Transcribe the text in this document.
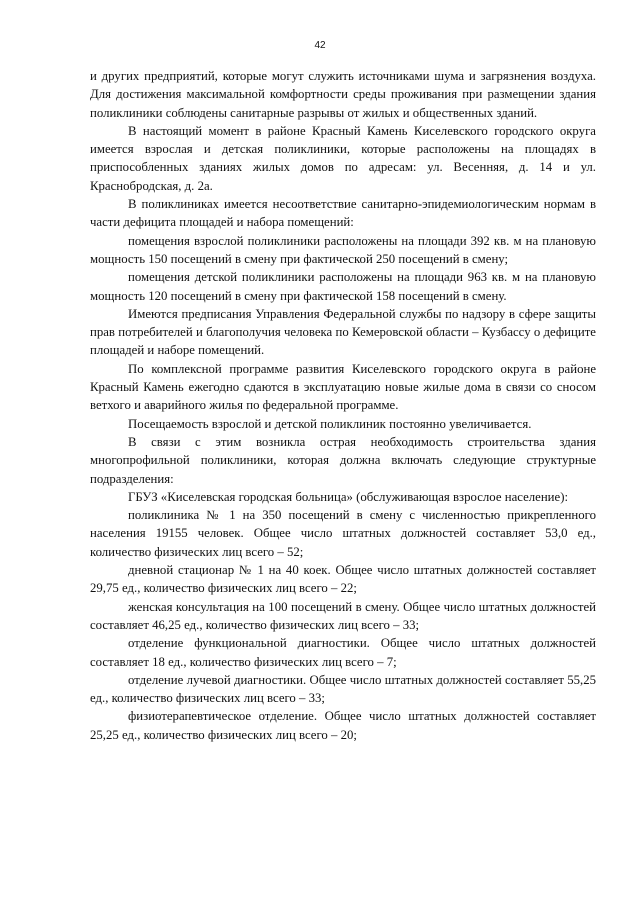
42

и других предприятий, которые могут служить источниками шума и загрязнения воздуха. Для достижения максимальной комфортности среды проживания при размещении здания поликлиники соблюдены санитарные разрывы от жилых и общественных зданий.

В настоящий момент в районе Красный Камень Киселевского городского округа имеется взрослая и детская поликлиники, которые расположены на площадях в приспособленных зданиях жилых домов по адресам: ул. Весенняя, д. 14 и ул. Краснобродская, д. 2а.

В поликлиниках имеется несоответствие санитарно-эпидемиологическим нормам в части дефицита площадей и набора помещений:

помещения взрослой поликлиники расположены на площади 392 кв. м на плановую мощность 150 посещений в смену при фактической 250 посещений в смену;

помещения детской поликлиники расположены на площади 963 кв. м на плановую мощность 120 посещений в смену при фактической 158 посещений в смену.

Имеются предписания Управления Федеральной службы по надзору в сфере защиты прав потребителей и благополучия человека по Кемеровской области – Кузбассу о дефиците площадей и наборе помещений.

По комплексной программе развития Киселевского городского округа в районе Красный Камень ежегодно сдаются в эксплуатацию новые жилые дома в связи со сносом ветхого и аварийного жилья по федеральной программе.

Посещаемость взрослой и детской поликлиник постоянно увеличивается.

В связи с этим возникла острая необходимость строительства здания многопрофильной поликлиники, которая должна включать следующие структурные подразделения:

ГБУЗ «Киселевская городская больница» (обслуживающая взрослое население):

поликлиника № 1 на 350 посещений в смену с численностью прикрепленного населения 19155 человек. Общее число штатных должностей составляет 53,0 ед., количество физических лиц всего – 52;

дневной стационар № 1 на 40 коек. Общее число штатных должностей составляет 29,75 ед., количество физических лиц всего – 22;

женская консультация на 100 посещений в смену. Общее число штатных должностей составляет 46,25 ед., количество физических лиц всего – 33;

отделение функциональной диагностики. Общее число штатных должностей составляет 18 ед., количество физических лиц всего – 7;

отделение лучевой диагностики. Общее число штатных должностей составляет 55,25 ед., количество физических лиц всего – 33;

физиотерапевтическое отделение. Общее число штатных должностей составляет 25,25 ед., количество физических лиц всего – 20;
